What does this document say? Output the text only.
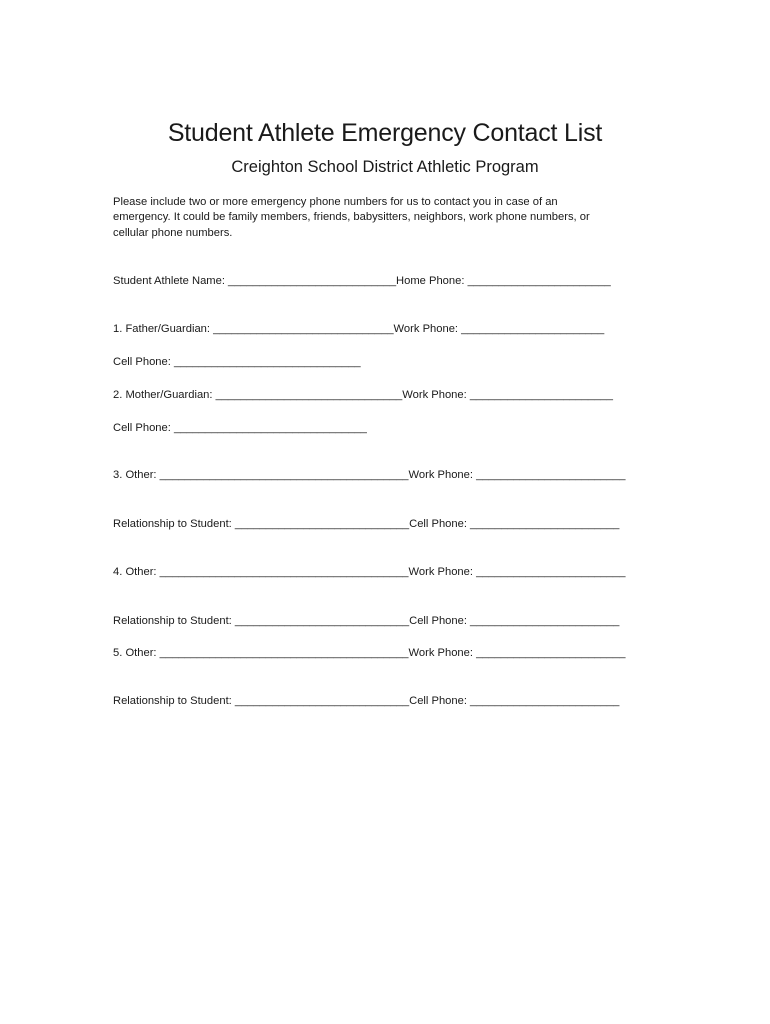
Student Athlete Emergency Contact List
Creighton School District Athletic Program
Please include two or more emergency phone numbers for us to contact you in case of an
emergency. It could be family members, friends, babysitters, neighbors, work phone numbers, or
cellular phone numbers.
Student Athlete Name: ___________________________Home Phone: _______________________
1. Father/Guardian: _____________________________Work Phone: _______________________
Cell Phone: ______________________________
2. Mother/Guardian: ______________________________Work Phone: _______________________
Cell Phone: _______________________________
3. Other: ________________________________________Work Phone: ________________________
Relationship to Student: ____________________________Cell Phone: ________________________
4. Other: ________________________________________Work Phone: ________________________
Relationship to Student: ____________________________Cell Phone: ________________________
5. Other: ________________________________________Work Phone: ________________________
Relationship to Student: ____________________________Cell Phone: ________________________
